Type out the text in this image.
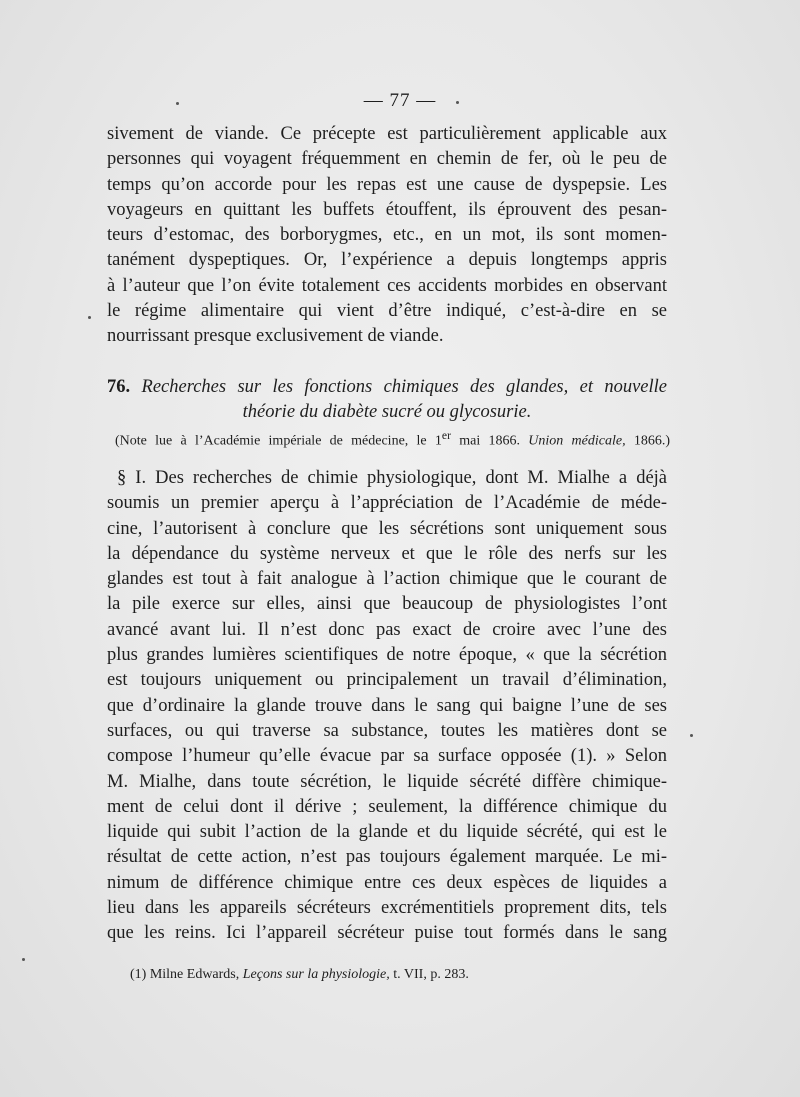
— 77 —
sivement de viande. Ce précepte est particulièrement applicable aux
personnes qui voyagent fréquemment en chemin de fer, où le peu de
temps qu’on accorde pour les repas est une cause de dyspepsie. Les
voyageurs en quittant les buffets étouffent, ils éprouvent des pesan-
teurs d’estomac, des borborygmes, etc., en un mot, ils sont momen-
tanément dyspeptiques. Or, l’expérience a depuis longtemps appris
à l’auteur que l’on évite totalement ces accidents morbides en observant
le régime alimentaire qui vient d’être indiqué, c’est-à-dire en se
nourrissant presque exclusivement de viande.
76. Recherches sur les fonctions chimiques des glandes, et nouvelle
théorie du diabète sucré ou glycosurie.
(Note lue à l’Académie impériale de médecine, le 1er mai 1866. Union médicale, 1866.)
§ I. Des recherches de chimie physiologique, dont M. Mialhe a déjà
soumis un premier aperçu à l’appréciation de l’Académie de méde-
cine, l’autorisent à conclure que les sécrétions sont uniquement sous
la dépendance du système nerveux et que le rôle des nerfs sur les
glandes est tout à fait analogue à l’action chimique que le courant de
la pile exerce sur elles, ainsi que beaucoup de physiologistes l’ont
avancé avant lui. Il n’est donc pas exact de croire avec l’une des
plus grandes lumières scientifiques de notre époque, « que la sécrétion
est toujours uniquement ou principalement un travail d’élimination,
que d’ordinaire la glande trouve dans le sang qui baigne l’une de ses
surfaces, ou qui traverse sa substance, toutes les matières dont se
compose l’humeur qu’elle évacue par sa surface opposée (1). » Selon
M. Mialhe, dans toute sécrétion, le liquide sécrété diffère chimique-
ment de celui dont il dérive ; seulement, la différence chimique du
liquide qui subit l’action de la glande et du liquide sécrété, qui est le
résultat de cette action, n’est pas toujours également marquée. Le mi-
nimum de différence chimique entre ces deux espèces de liquides a
lieu dans les appareils sécréteurs excrémentitiels proprement dits, tels
que les reins. Ici l’appareil sécréteur puise tout formés dans le sang
(1) Milne Edwards, Leçons sur la physiologie, t. VII, p. 283.
